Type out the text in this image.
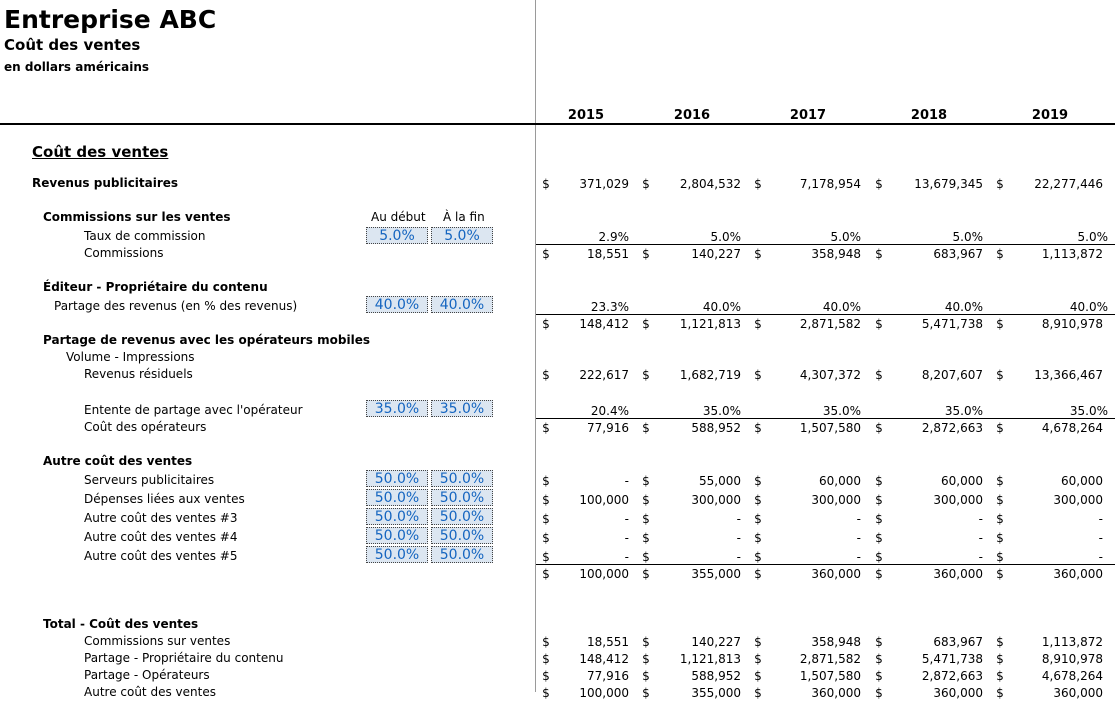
Entreprise ABC
Coût des ventes
en dollars américains
2015	2016	2017	2018	2019
Coût des ventes
Revenus publicitaires	$	371,029 $	2,804,532 $	7,178,954 $	13,679,345 $	22,277,446
Commissions sur les ventes	Au début À la fin
Taux de commission	5.0%	5.0%	2.9%	5.0%	5.0%	5.0%	5.0%
Commissions	$	18,551 $	140,227 $	358,948 $	683,967 $	1,113,872
Éditeur - Propriétaire du contenu
Partage des revenus (en % des revenus)	40.0%	40.0%	23.3%	40.0%	40.0%	40.0%	40.0%
$	148,412 $	1,121,813 $	2,871,582 $	5,471,738 $	8,910,978
Partage de revenus avec les opérateurs mobiles
Volume - Impressions
Revenus résiduels	$	222,617 $	1,682,719 $	4,307,372 $	8,207,607 $	13,366,467
Entente de partage avec l'opérateur	35.0%	35.0%	20.4%	35.0%	35.0%	35.0%	35.0%
Coût des opérateurs	$	77,916 $	588,952 $	1,507,580 $	2,872,663 $	4,678,264
Autre coût des ventes
Serveurs publicitaires	50.0%	50.0%	$	- $	55,000 $	60,000 $	60,000 $	60,000
Dépenses liées aux ventes	50.0%	50.0%	$	100,000 $	300,000 $	300,000 $	300,000 $	300,000
Autre coût des ventes #3	50.0%	50.0%	$	- $	- $	- $	- $	-
Autre coût des ventes #4	50.0%	50.0%	$	- $	- $	- $	- $	-
Autre coût des ventes #5	50.0%	50.0%	$	- $	- $	- $	- $	-
$	100,000 $	355,000 $	360,000 $	360,000 $	360,000
Total - Coût des ventes
Commissions sur ventes	$	18,551 $	140,227 $	358,948 $	683,967 $	1,113,872
Partage - Propriétaire du contenu	$	148,412 $	1,121,813 $	2,871,582 $	5,471,738 $	8,910,978
Partage - Opérateurs	$	77,916 $	588,952 $	1,507,580 $	2,872,663 $	4,678,264
Autre coût des ventes	$	100,000 $	355,000 $	360,000 $	360,000 $	360,000
